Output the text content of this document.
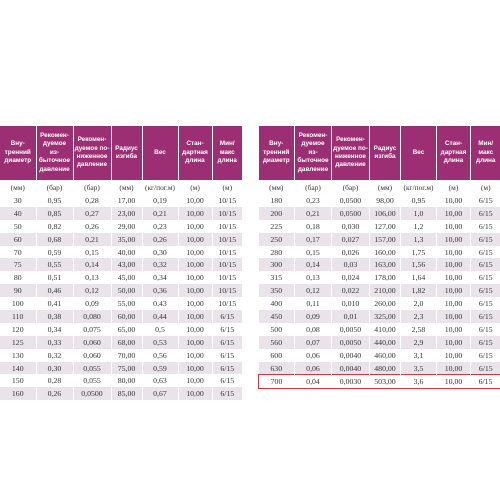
Вну-
тренний
диаметр	Рекомен-
дуемое из-
быточное
давление	Рекомен-
дуемое по-
ниженное
давление	Радиус
изгиба	Вес	Стан-
дартная
длина	Мин/
макс
длина
(мм)	(бар)	(бар)	(мм)	(кг/пог.м)	(м)	(м)
30	0,95	0,28	17,00	0,19	10,00	10/15
40	0,85	0,27	23,00	0,21	10,00	10/15
50	0,82	0,26	29,00	0,23	10,00	10/15
60	0,68	0,21	35,00	0,26	10,00	10/15
70	0,59	0,15	40,00	0,30	10,00	10/15
75	0,55	0,14	43,00	0,32	10,00	10/15
80	0,51	0,13	45,00	0,34	10,00	10/15
90	0,46	0,12	50,00	0,36	10,00	10/15
100	0,41	0,09	55,00	0,43	10,00	10/15
110	0,38	0,080	60,00	0,44	10,00	6/15
120	0,34	0,075	65,00	0,5	10,00	6/15
125	0,33	0,060	68,00	0,53	10,00	6/15
130	0,32	0,060	70,00	0,56	10,00	6/15
140	0,30	0,055	75,00	0,59	10,00	6/15
150	0,28	0,055	80,00	0,63	10,00	6/15
160	0,26	0,0500	85,00	0,67	10,00	6/15
Вну-
тренний
диаметр	Рекомен-
дуемое из-
быточное
давление	Рекомен-
дуемое по-
ниженное
давление	Радиус
изгиба	Вес	Стан-
дартная
длина	Мин/
макс
длина
(мм)	(бар)	(бар)	(мм)	(кг/пог.м)	(м)	(м)
180	0,23	0,0500	98,00	0,95	10,00	6/15
200	0,21	0,0500	106,00	1,0	10,00	6/15
225	0,18	0,030	127,00	1,2	10,00	6/15
250	0,17	0,027	157,00	1,3	10,00	6/15
280	0,15	0,026	160,00	1,75	10,00	6/15
300	0,14	0,03	163,00	1,56	10,00	6/15
315	0,13	0,024	178,00	1,64	10,00	6/15
350	0,12	0,022	210,00	1,82	10,00	6/15
400	0,11	0,010	260,00	2,0	10,00	6/15
450	0,09	0,01	325,00	2,3	10,00	6/15
500	0,08	0,0050	410,00	2,58	10,00	6/15
560	0,07	0,0050	440,00	2,9	10,00	6/15
600	0,06	0,0040	460,00	3,1	10,00	6/15
630	0,06	0,0040	480,00	3,5	10,00	6/15
700	0,04	0,0030	503,00	3,6	10,00	6/15
